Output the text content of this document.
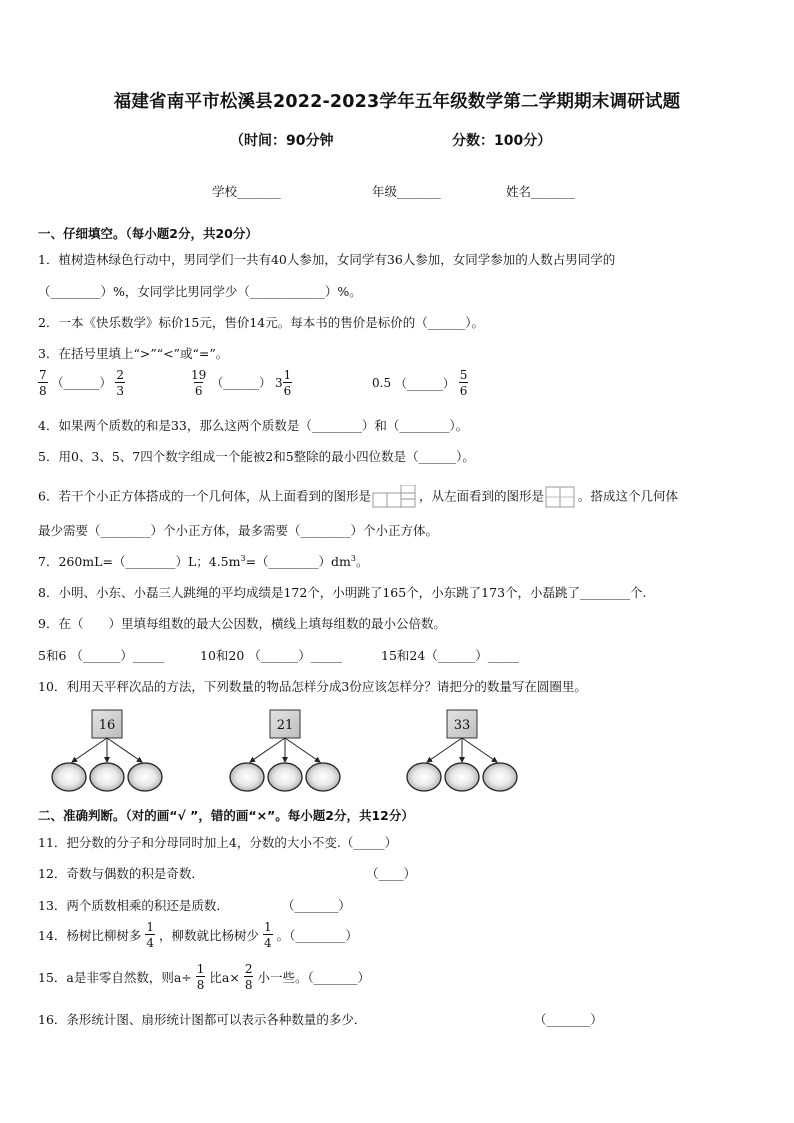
福建省南平市松溪县2022-2023学年五年级数学第二学期期末调研试题
（时间：90分钟	分数：100分）
学校_______	年级_______	姓名_______
一、仔细填空。（每小题2分，共20分）
1．植树造林绿色行动中，男同学们一共有40人参加，女同学有36人参加，女同学参加的人数占男同学的
（________）%，女同学比男同学少（____________）%。
2．一本《快乐数学》标价15元，售价14元。每本书的售价是标价的（______）。
3．在括号里填上“>”“<”或“=”。
$\frac{7}{8}$ （______） $\frac{2}{3}$	$\frac{19}{6}$ （______） $3 \frac{1}{6}$	0.5 （______） $\frac{5}{6}$
4．如果两个质数的和是33，那么这两个质数是（________）和（________）。
5．用0、3、5、7四个数字组成一个能被2和5整除的最小四位数是（______）。
6．若干个小正方体搭成的一个几何体，从上面看到的图形是	，从左面看到的图形是	。搭成这个几何体
最少需要（________）个小正方体，最多需要（________）个小正方体。
7．260mL=（________）L；$4.5m^3=(\_\_\_\_\_\_\_\_)dm^3$。
8．小明、小东、小磊三人跳绳的平均成绩是172个，小明跳了165个，小东跳了173个，小磊跳了________个.
9．在（　　）里填每组数的最大公因数，横线上填每组数的最小公倍数。
5和6 （______）_____	10和20 （______）_____	15和24（______）_____
10．利用天平秤次品的方法，下列数量的物品怎样分成3份应该怎样分？请把分的数量写在圆圈里。
16	21	33
二、准确判断。（对的画“√ ”，错的画“×”。每小题2分，共12分）
11．把分数的分子和分母同时加上4，分数的大小不变.（_____）
12．奇数与偶数的积是奇数．	（____）
13．两个质数相乘的积还是质数．	（_______）
14．杨树比柳树多 $\frac{1}{4}$ ，柳数就比杨树少 $\frac{1}{4}$ 。（________）
15．a是非零自然数，则$a\div \frac{1}{8}$ 比$a\times \frac{2}{8}$ 小一些。（_______）
16．条形统计图、扇形统计图都可以表示各种数量的多少．	（_______）
